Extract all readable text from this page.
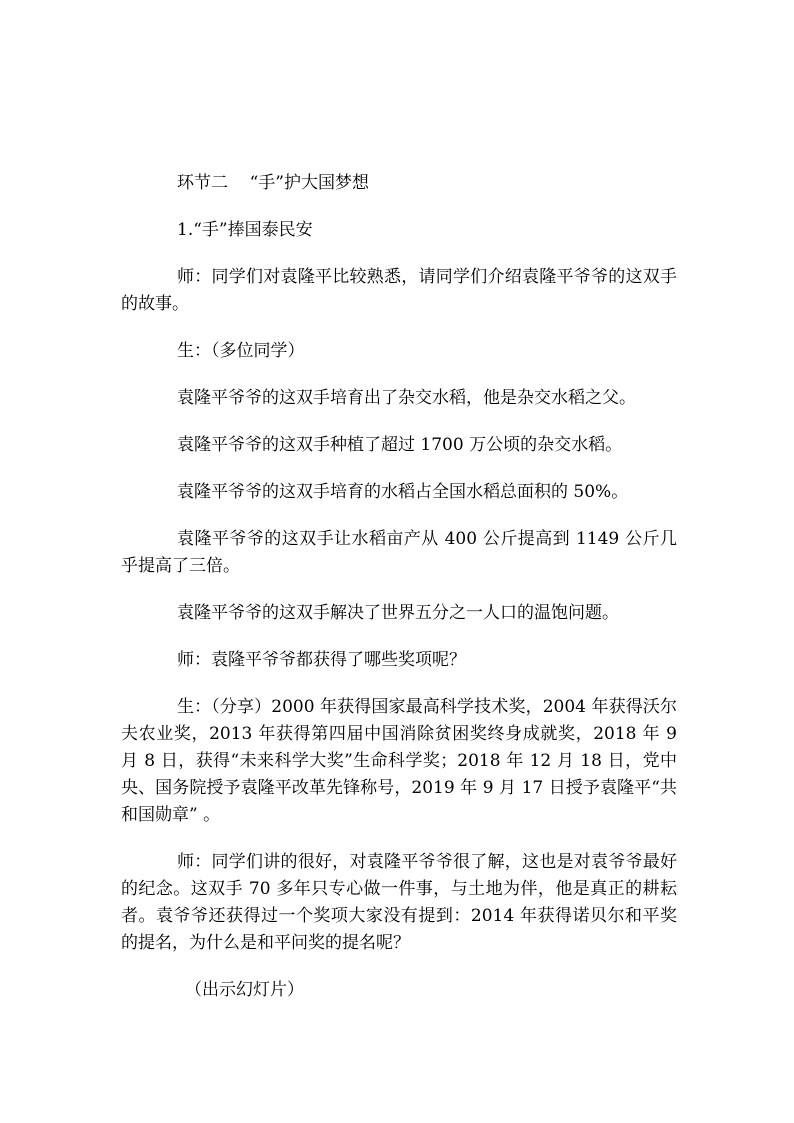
环节二    “手”护大国梦想

1.“手”捧国泰民安

师：同学们对袁隆平比较熟悉，请同学们介绍袁隆平爷爷的这双手的故事。

生：（多位同学）

袁隆平爷爷的这双手培育出了杂交水稻，他是杂交水稻之父。

袁隆平爷爷的这双手种植了超过 1700 万公顷的杂交水稻。

袁隆平爷爷的这双手培育的水稻占全国水稻总面积的 50%。

袁隆平爷爷的这双手让水稻亩产从 400 公斤提高到 1149 公斤几乎提高了三倍。

袁隆平爷爷的这双手解决了世界五分之一人口的温饱问题。

师：袁隆平爷爷都获得了哪些奖项呢？

生：（分享）2000 年获得国家最高科学技术奖，2004 年获得沃尔夫农业奖，2013 年获得第四届中国消除贫困奖终身成就奖，2018 年 9 月 8 日，获得“未来科学大奖”生命科学奖；2018 年 12 月 18 日，党中央、国务院授予袁隆平改革先锋称号，2019 年 9 月 17 日授予袁隆平“共和国勋章” 。

师：同学们讲的很好，对袁隆平爷爷很了解，这也是对袁爷爷最好的纪念。这双手 70 多年只专心做一件事，与土地为伴，他是真正的耕耘者。袁爷爷还获得过一个奖项大家没有提到：2014 年获得诺贝尔和平奖的提名，为什么是和平问奖的提名呢？

（出示幻灯片）
